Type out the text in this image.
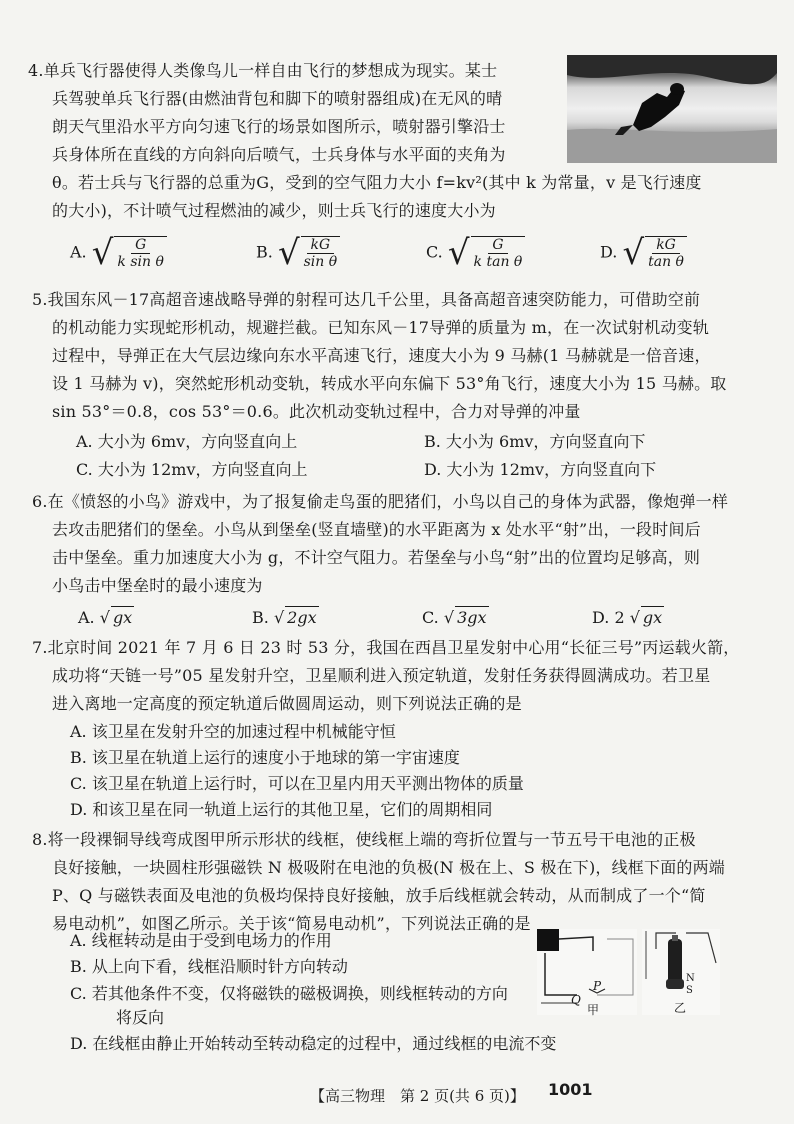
4.单兵飞行器使得人类像鸟儿一样自由飞行的梦想成为现实。某士
兵驾驶单兵飞行器(由燃油背包和脚下的喷射器组成)在无风的晴
朗天气里沿水平方向匀速飞行的场景如图所示，喷射器引擎沿士
兵身体所在直线的方向斜向后喷气，士兵身体与水平面的夹角为
θ。若士兵与飞行器的总重为G，受到的空气阻力大小 f=kv²(其中 k 为常量，v 是飞行速度
的大小)，不计喷气过程燃油的减少，则士兵飞行的速度大小为
A. √ $\frac{G}{\text{k sin θ}}$	B. √ $\frac{kG}{\text{sin θ}}$	C. √ $\frac{G}{\text{k tan θ}}$	D. √ $\frac{kG}{\text{tan θ}}$
5.我国东风－17高超音速战略导弹的射程可达几千公里，具备高超音速突防能力，可借助空前
的机动能力实现蛇形机动，规避拦截。已知东风－17导弹的质量为 m，在一次试射机动变轨
过程中，导弹正在大气层边缘向东水平高速飞行，速度大小为 9 马赫(1 马赫就是一倍音速，
设 1 马赫为 v)，突然蛇形机动变轨，转成水平向东偏下 53°角飞行，速度大小为 15 马赫。取
sin 53°＝0.8，cos 53°＝0.6。此次机动变轨过程中，合力对导弹的冲量
A. 大小为 6mv，方向竖直向上	B. 大小为 6mv，方向竖直向下
C. 大小为 12mv，方向竖直向上	D. 大小为 12mv，方向竖直向下
6.在《愤怒的小鸟》游戏中，为了报复偷走鸟蛋的肥猪们，小鸟以自己的身体为武器，像炮弹一样
去攻击肥猪们的堡垒。小鸟从到堡垒(竖直墙壁)的水平距离为 x 处水平“射”出，一段时间后
击中堡垒。重力加速度大小为 g，不计空气阻力。若堡垒与小鸟“射”出的位置均足够高，则
小鸟击中堡垒时的最小速度为
A. √ gx	B. √ 2gx	C. √ 3gx	D. 2 √ gx
7.北京时间 2021 年 7 月 6 日 23 时 53 分，我国在西昌卫星发射中心用“长征三号”丙运载火箭，
成功将“天链一号”05 星发射升空，卫星顺利进入预定轨道，发射任务获得圆满成功。若卫星
进入离地一定高度的预定轨道后做圆周运动，则下列说法正确的是
A. 该卫星在发射升空的加速过程中机械能守恒
B. 该卫星在轨道上运行的速度小于地球的第一宇宙速度
C. 该卫星在轨道上运行时，可以在卫星内用天平测出物体的质量
D. 和该卫星在同一轨道上运行的其他卫星，它们的周期相同
8.将一段裸铜导线弯成图甲所示形状的线框，使线框上端的弯折位置与一节五号干电池的正极
良好接触，一块圆柱形强磁铁 N 极吸附在电池的负极(N 极在上、S 极在下)，线框下面的两端
P、Q 与磁铁表面及电池的负极均保持良好接触，放手后线框就会转动，从而制成了一个“简
易电动机”，如图乙所示。关于该“简易电动机”，下列说法正确的是
A. 线框转动是由于受到电场力的作用
B. 从上向下看，线框沿顺时针方向转动
C. 若其他条件不变，仅将磁铁的磁极调换，则线框转动的方向
将反向
D. 在线框由静止开始转动至转动稳定的过程中，通过线框的电流不变
P
Q
甲
N
S
乙
【高三物理　第 2 页(共 6 页)】 1001
